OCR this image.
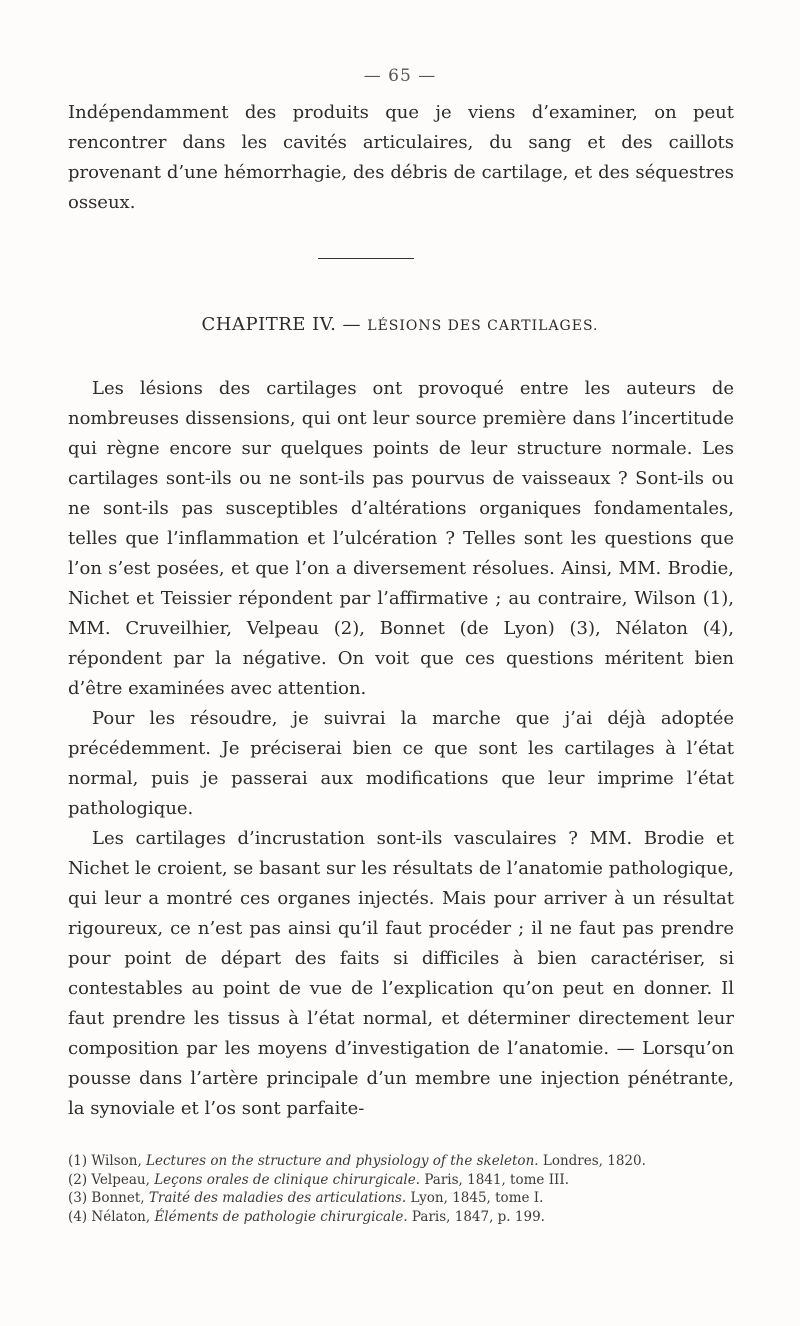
— 65 —

Indépendamment des produits que je viens d’examiner, on peut rencontrer dans les cavités articulaires, du sang et des caillots provenant d’une hémorrhagie, des débris de cartilage, et des séquestres osseux.

CHAPITRE IV. — LÉSIONS DES CARTILAGES.

Les lésions des cartilages ont provoqué entre les auteurs de nombreuses dissensions, qui ont leur source première dans l’incertitude qui règne encore sur quelques points de leur structure normale. Les cartilages sont-ils ou ne sont-ils pas pourvus de vaisseaux ? Sont-ils ou ne sont-ils pas susceptibles d’altérations organiques fondamentales, telles que l’inflammation et l’ulcération ? Telles sont les questions que l’on s’est posées, et que l’on a diversement résolues. Ainsi, MM. Brodie, Nichet et Teissier répondent par l’affirmative ; au contraire, Wilson (1), MM. Cruveilhier, Velpeau (2), Bonnet (de Lyon) (3), Nélaton (4), répondent par la négative. On voit que ces questions méritent bien d’être examinées avec attention.

Pour les résoudre, je suivrai la marche que j’ai déjà adoptée précédemment. Je préciserai bien ce que sont les cartilages à l’état normal, puis je passerai aux modifications que leur imprime l’état pathologique.

Les cartilages d’incrustation sont-ils vasculaires ? MM. Brodie et Nichet le croient, se basant sur les résultats de l’anatomie pathologique, qui leur a montré ces organes injectés. Mais pour arriver à un résultat rigoureux, ce n’est pas ainsi qu’il faut procéder ; il ne faut pas prendre pour point de départ des faits si difficiles à bien caractériser, si contestables au point de vue de l’explication qu’on peut en donner. Il faut prendre les tissus à l’état normal, et déterminer directement leur composition par les moyens d’investigation de l’anatomie. — Lorsqu’on pousse dans l’artère principale d’un membre une injection pénétrante, la synoviale et l’os sont parfaite-

(1) Wilson, Lectures on the structure and physiology of the skeleton. Londres, 1820.

(2) Velpeau, Leçons orales de clinique chirurgicale. Paris, 1841, tome III.

(3) Bonnet, Traité des maladies des articulations. Lyon, 1845, tome I.

(4) Nélaton, Éléments de pathologie chirurgicale. Paris, 1847, p. 199.
